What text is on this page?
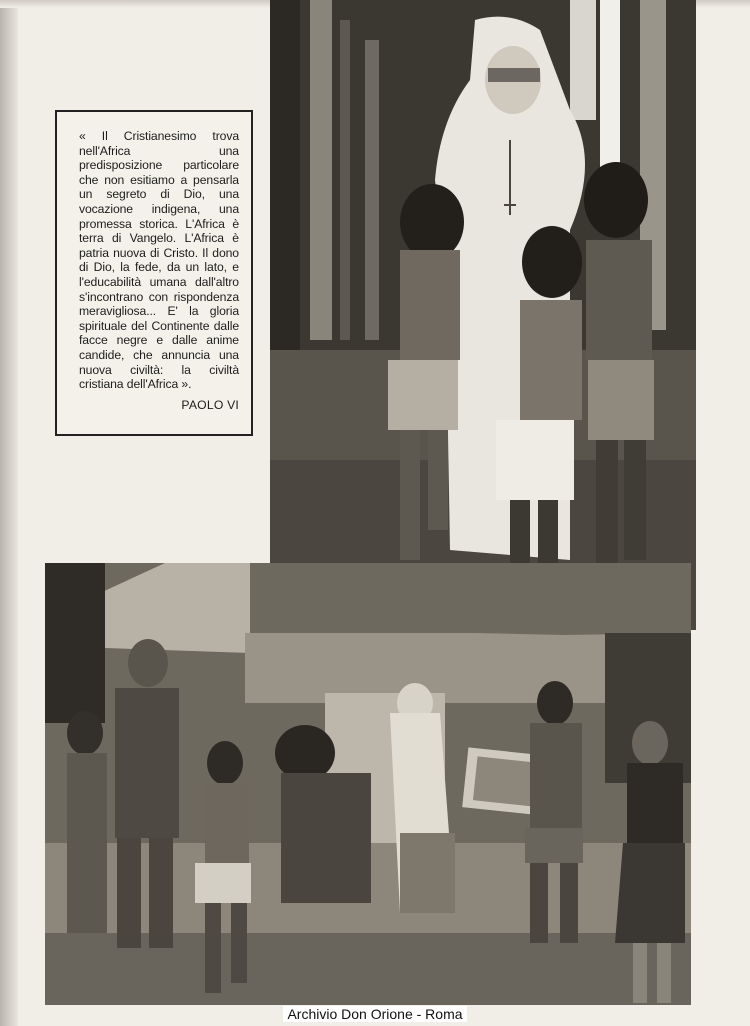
« Il Cristianesimo trova nell'Africa una predisposizione particolare che non esitiamo a pensarla un segreto di Dio, una vocazione indigena, una promessa storica. L'Africa è terra di Vangelo. L'Africa è patria nuova di Cristo. Il dono di Dio, la fede, da un lato, e l'educabilità umana dall'altro s'incontrano con rispondenza meravigliosa... E' la gloria spirituale del Continente dalle facce negre e dalle anime candide, che annuncia una nuova civiltà: la civiltà cristiana dell'Africa ».

PAOLO VI
Archivio Don Orione - Roma
